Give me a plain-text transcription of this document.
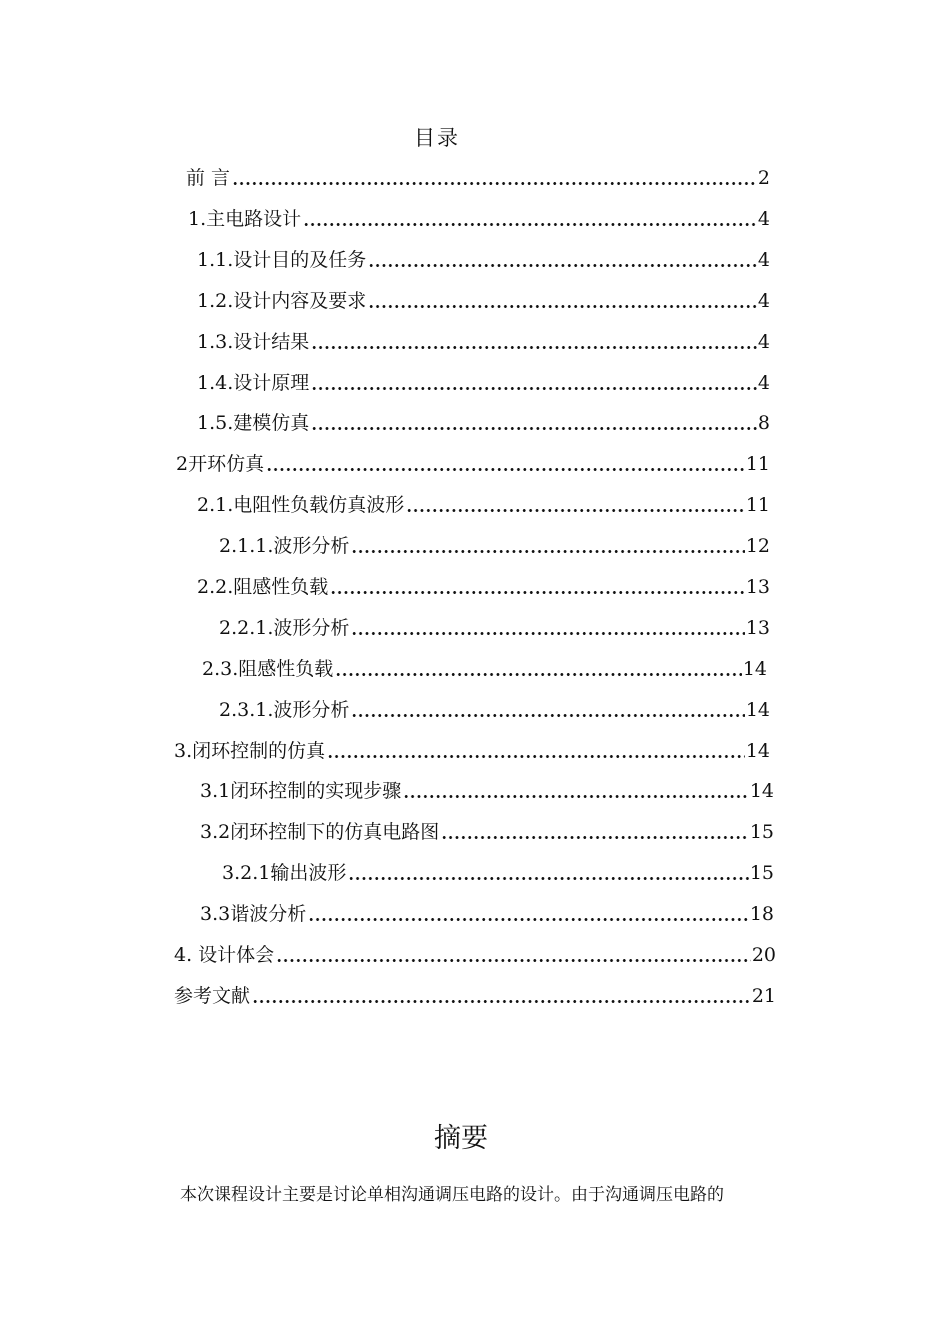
目录
前 言	2
1.主电路设计	4
1.1.设计目的及任务	4
1.2.设计内容及要求	4
1.3.设计结果	4
1.4.设计原理	4
1.5.建模仿真	8
2开环仿真	11
2.1.电阻性负载仿真波形	11
2.1.1.波形分析	12
2.2.阻感性负载	13
2.2.1.波形分析	13
2.3.阻感性负载	14
2.3.1.波形分析	14
3.闭环控制的仿真	14
3.1闭环控制的实现步骤	14
3.2闭环控制下的仿真电路图	15
3.2.1输出波形	15
3.3谐波分析	18
4. 设计体会	20
参考文献	21
摘要
本次课程设计主要是讨论单相沟通调压电路的设计。由于沟通调压电路的
